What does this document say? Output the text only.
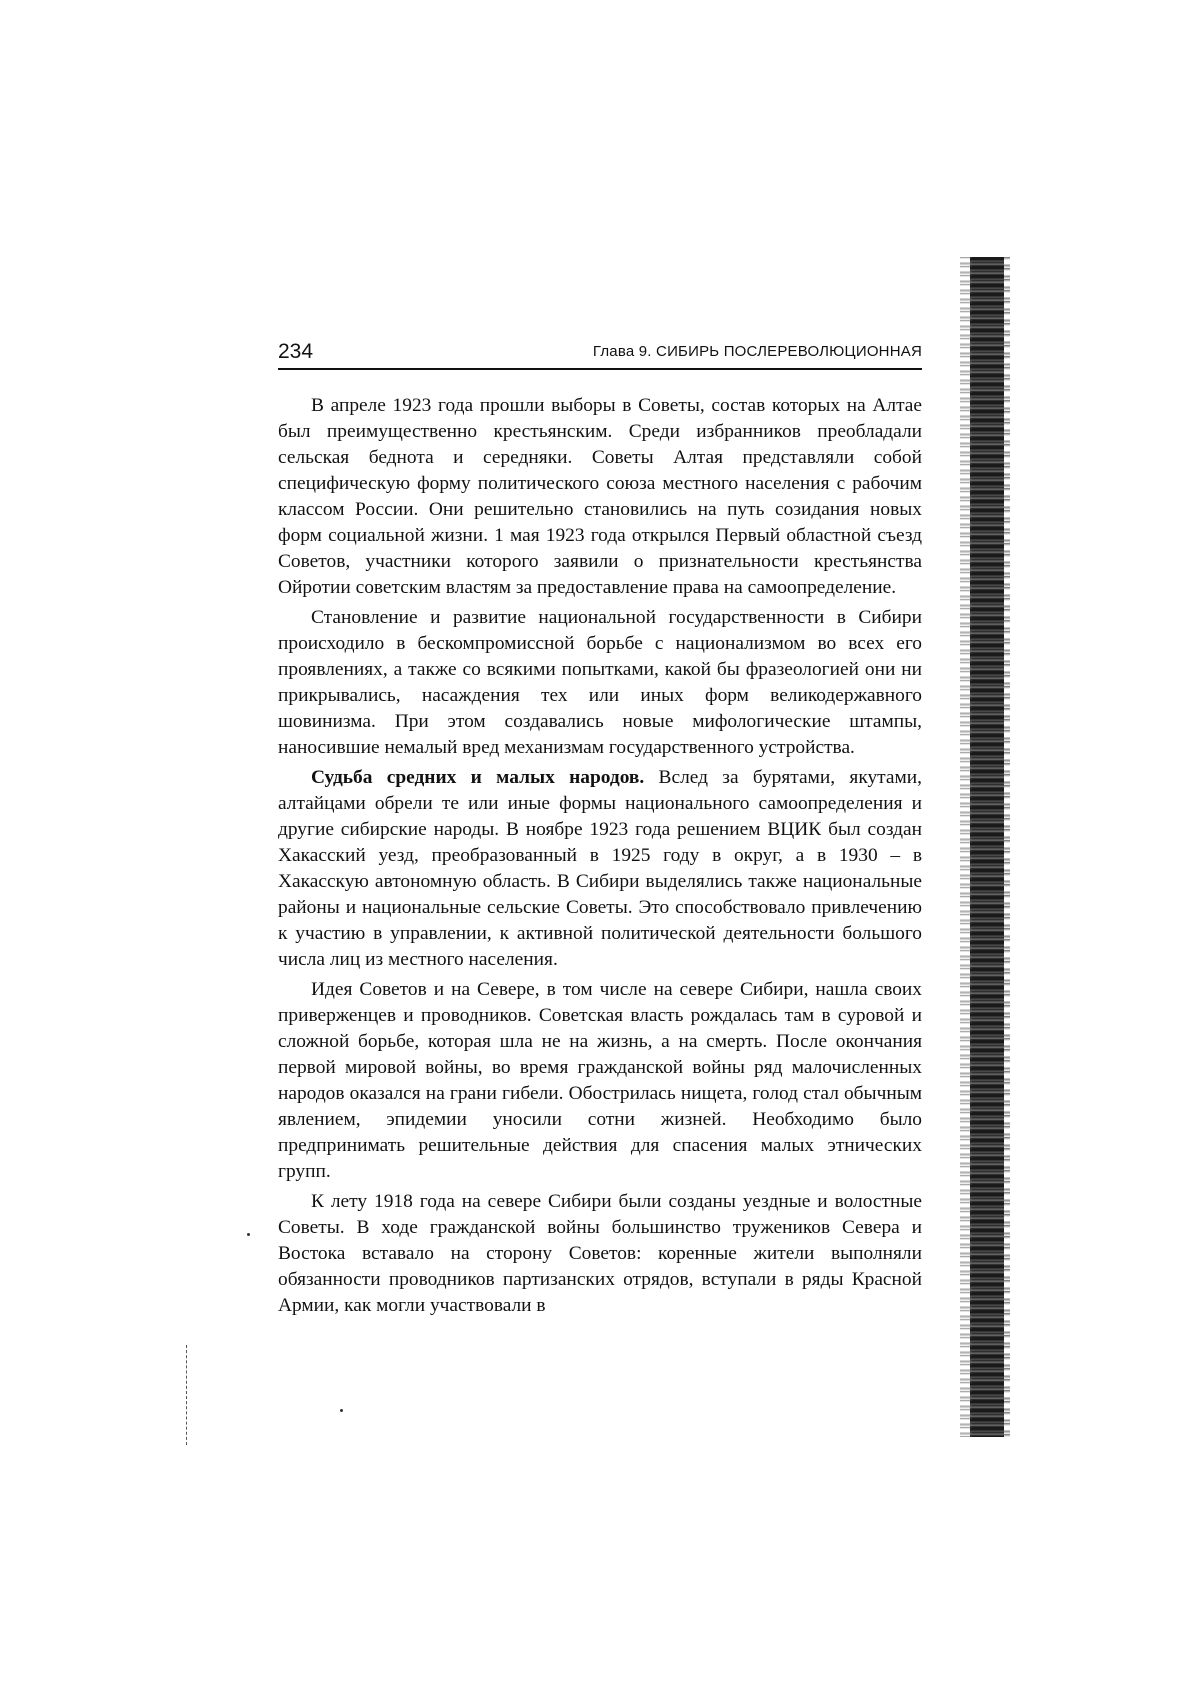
234	Глава 9. СИБИРЬ ПОСЛЕРЕВОЛЮЦИОННАЯ

В апреле 1923 года прошли выборы в Советы, состав которых на Алтае был преимущественно крестьянским. Среди избранников преобладали сельская беднота и середняки. Советы Алтая представляли собой специфическую форму политического союза местного населения с рабочим классом России. Они решительно становились на путь созидания новых форм социальной жизни. 1 мая 1923 года открылся Первый областной съезд Советов, участники которого заявили о признательности крестьянства Ойротии советским властям за предоставление права на самоопределение.

Становление и развитие национальной государственности в Сибири происходило в бескомпромиссной борьбе с национализмом во всех его проявлениях, а также со всякими попытками, какой бы фразеологией они ни прикрывались, насаждения тех или иных форм великодержавного шовинизма. При этом создавались новые мифологические штампы, наносившие немалый вред механизмам государственного устройства.

Судьба средних и малых народов. Вслед за бурятами, якутами, алтайцами обрели те или иные формы национального самоопределения и другие сибирские народы. В ноябре 1923 года решением ВЦИК был создан Хакасский уезд, преобразованный в 1925 году в округ, а в 1930 – в Хакасскую автономную область. В Сибири выделялись также национальные районы и национальные сельские Советы. Это способствовало привлечению к участию в управлении, к активной политической деятельности большого числа лиц из местного населения.

Идея Советов и на Севере, в том числе на севере Сибири, нашла своих приверженцев и проводников. Советская власть рождалась там в суровой и сложной борьбе, которая шла не на жизнь, а на смерть. После окончания первой мировой войны, во время гражданской войны ряд малочисленных народов оказался на грани гибели. Обострилась нищета, голод стал обычным явлением, эпидемии уносили сотни жизней. Необходимо было предпринимать решительные действия для спасения малых этнических групп.

К лету 1918 года на севере Сибири были созданы уездные и волостные Советы. В ходе гражданской войны большинство тружеников Севера и Востока вставало на сторону Советов: коренные жители выполняли обязанности проводников партизанских отрядов, вступали в ряды Красной Армии, как могли участвовали в
